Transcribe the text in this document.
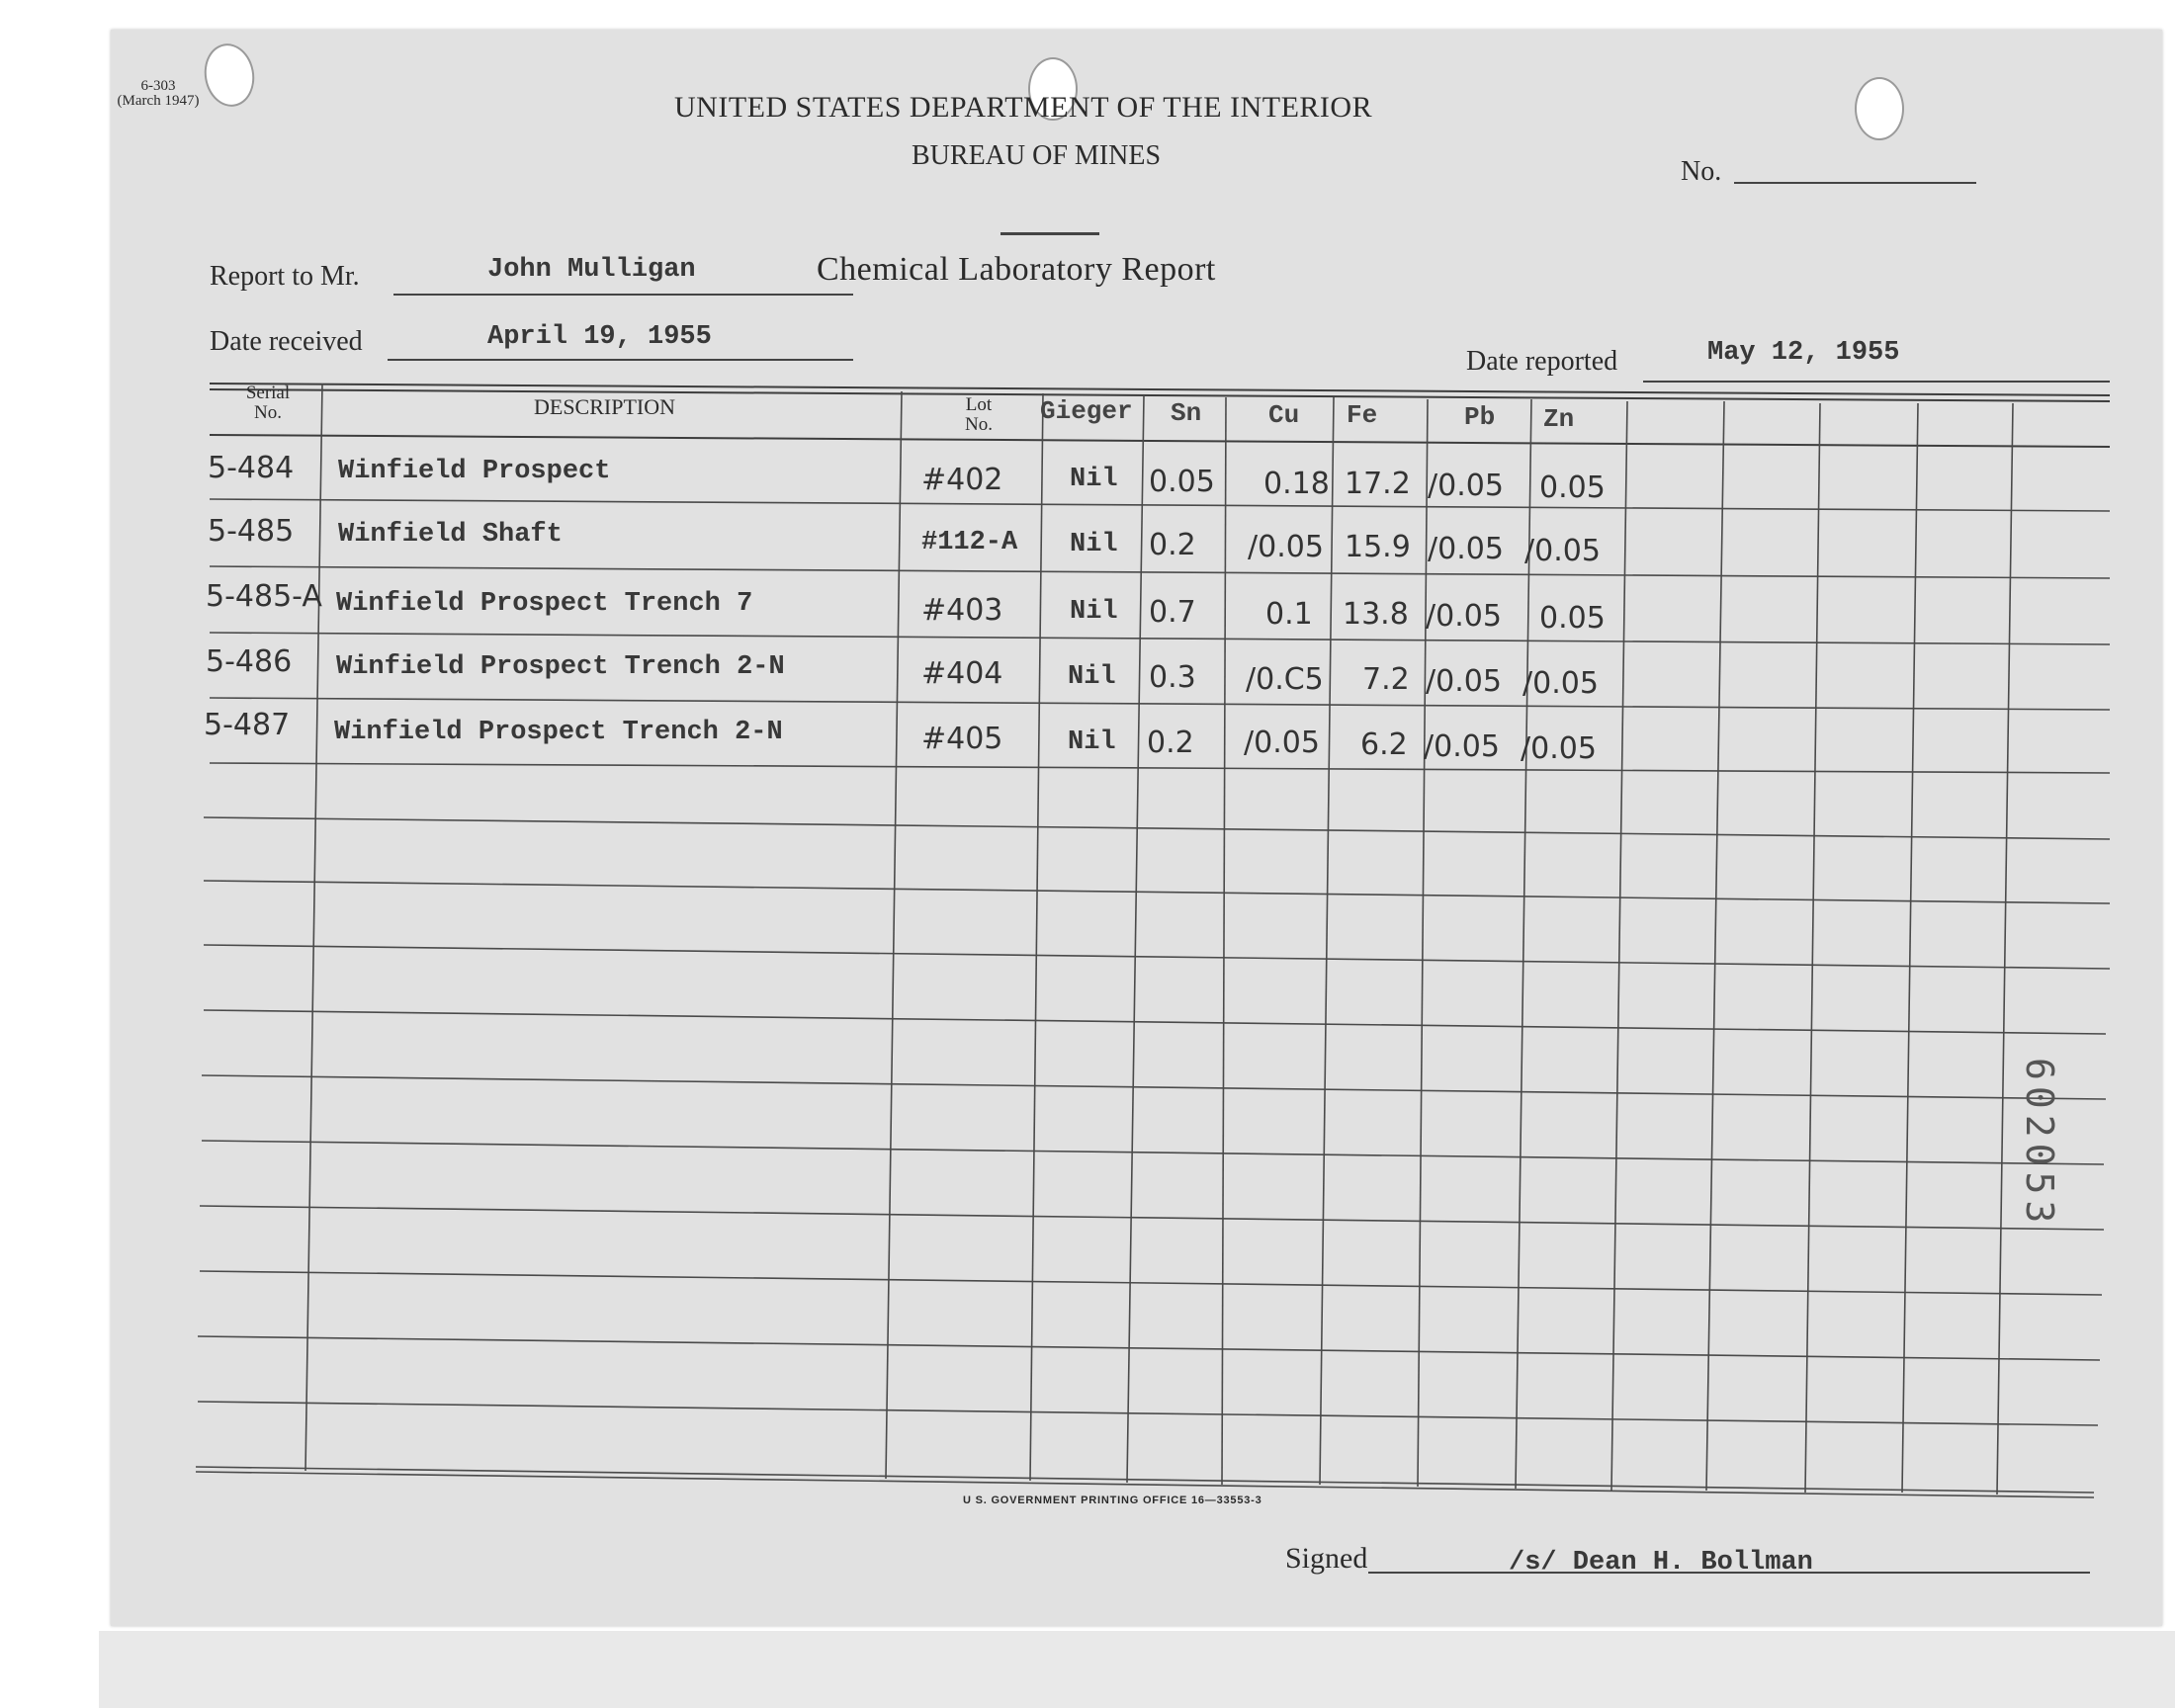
6-303
(March 1947)	UNITED STATES DEPARTMENT OF THE INTERIOR
BUREAU OF MINES
Chemical Laboratory Report
No.
Report to Mr.	John Mulligan
Date received	April 19, 1955
Date reported	May 12, 1955
Serial
No.	DESCRIPTION	Lot
No.	Gieger Sn	Cu Fe	Pb Zn
5-484 Winfield Prospect	#402	Nil 0.05 0.18 17.2 /0.05 0.05
5-485 Winfield Shaft	#112-A Nil 0.2 /0.05 15.9 /0.05 /0.05
5-485-A Winfield Prospect Trench 7	#403	Nil 0.7 0.1 13.8 /0.05 0.05
5-486 Winfield Prospect Trench 2-N	#404 Nil 0.3 /0.C5 7.2 /0.05 /0.05
5-487 Winfield Prospect Trench 2-N	#405 Nil 0.2 /0.05 6.2 /0.05 /0.05
U S. GOVERNMENT PRINTING OFFICE 16—33553-3
Signed	/s/ Dean H. Bollman
602053
